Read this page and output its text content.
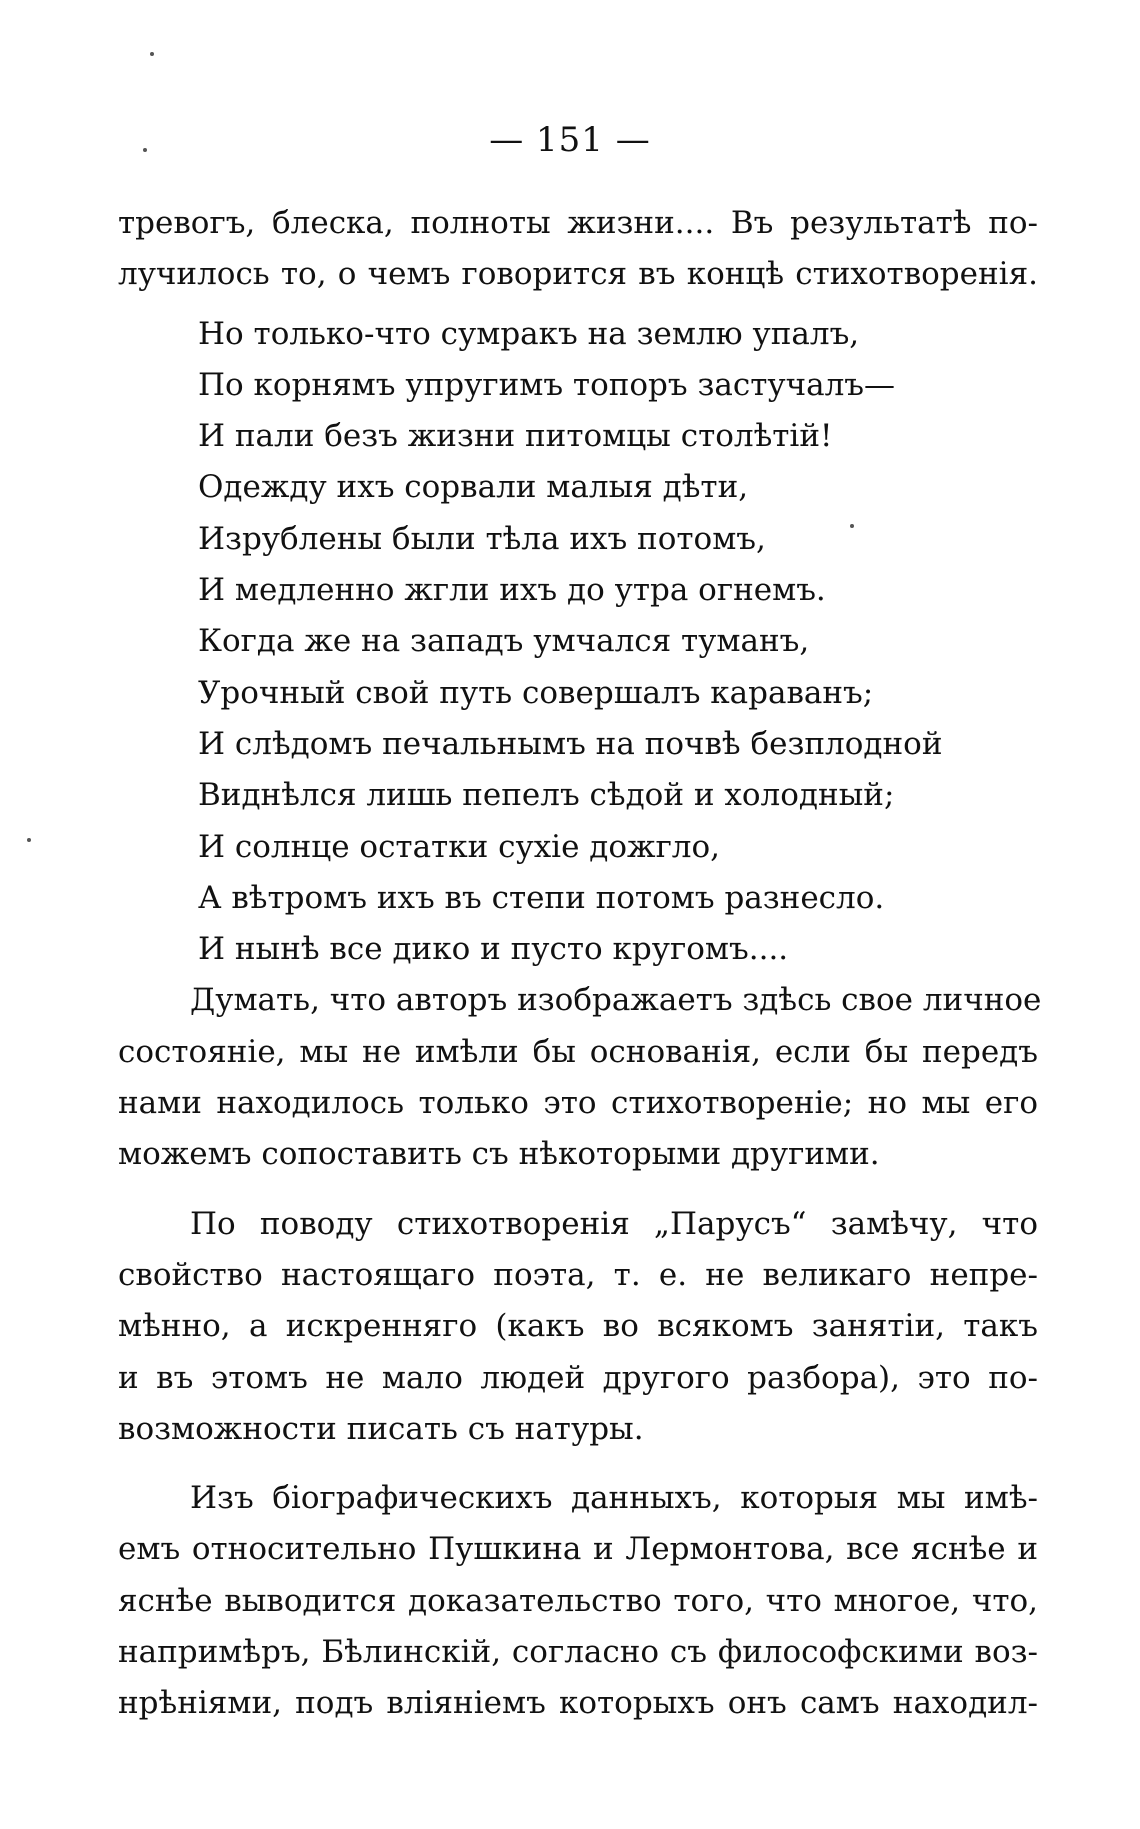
— 151 —
тревогъ, блеска, полноты жизни.... Въ результатѣ по-
лучилось то, о чемъ говорится въ концѣ стихотворенія.
Но только-что сумракъ на землю упалъ,
По корнямъ упругимъ топоръ застучалъ—
И пали безъ жизни питомцы столѣтій!
Одежду ихъ сорвали малыя дѣти,
Изрублены были тѣла ихъ потомъ,
И медленно жгли ихъ до утра огнемъ.
Когда же на западъ умчался туманъ,
Урочный свой путь совершалъ караванъ;
И слѣдомъ печальнымъ на почвѣ безплодной
Виднѣлся лишь пепелъ сѣдой и холодный;
И солнце остатки сухіе дожгло,
А вѣтромъ ихъ въ степи потомъ разнесло.
И нынѣ все дико и пусто кругомъ....
Думать, что авторъ изображаетъ здѣсь свое личное
состояніе, мы не имѣли бы основанія, если бы передъ
нами находилось только это стихотвореніе; но мы его
можемъ сопоставить съ нѣкоторыми другими.
По поводу стихотворенія „Парусъ“ замѣчу, что
свойство настоящаго поэта, т. е. не великаго непре-
мѣнно, а искренняго (какъ во всякомъ занятіи, такъ
и въ этомъ не мало людей другого разбора), это по-
возможности писать съ натуры.
Изъ біографическихъ данныхъ, которыя мы имѣ-
емъ относительно Пушкина и Лермонтова, все яснѣе и
яснѣе выводится доказательство того, что многое, что,
напримѣръ, Бѣлинскій, согласно съ философскими воз-
нрѣніями, подъ вліяніемъ которыхъ онъ самъ находил-
